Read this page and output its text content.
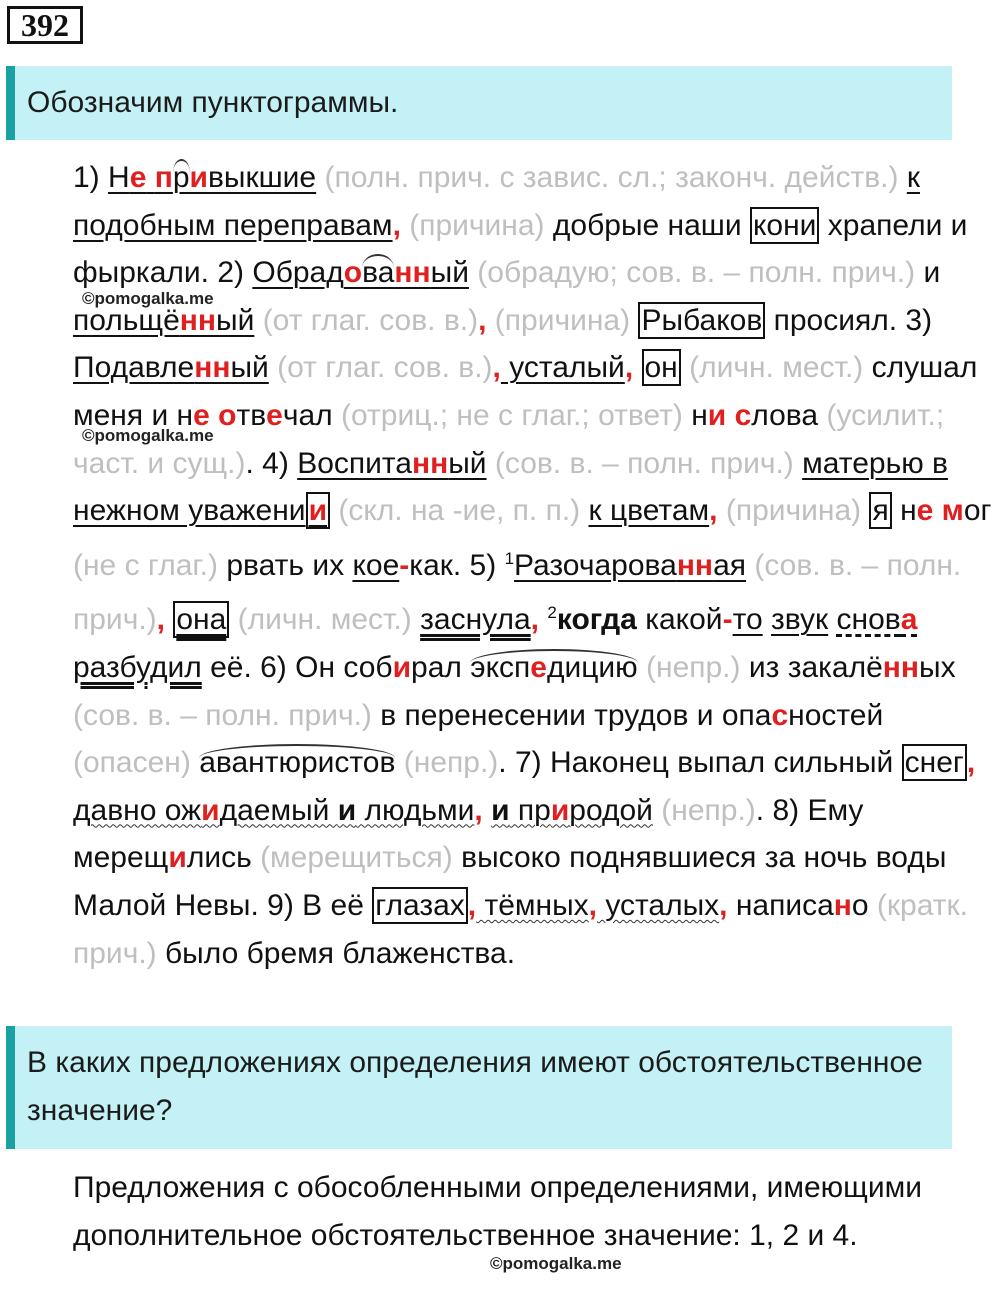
392
Обозначим пунктограммы.
1) Не привыкшие (полн. прич. с завис. сл.; законч. действ.) к подобным переправам, (причина) добрые наши кони храпели и фыркали. 2) Обрадованный (обрадую; сов. в. – полн. прич.) и польщённый (от глаг. сов. в.), (причина) Рыбаков просиял. 3) Подавленный (от глаг. сов. в.), усталый, он (личн. мест.) слушал меня и не отвечал (отриц.; не с глаг.; ответ) ни слова (усилит.; част. и сущ.). 4) Воспитанный (сов. в. – полн. прич.) матерью в нежном уважени и (скл. на -ие, п. п.) к цветам, (причина) я не мог (не с глаг.) рвать их кое-как. 5) $^1$Разочарованная (сов. в. – полн. прич.), она (личн. мест.) заснула, $^2$когда какой-то звук снова разбудил её. 6) Он собирал экспедицию (непр.) из закалённых (сов. в. – полн. прич.) в перенесении трудов и опасностей (опасен) авантюристов (непр.). 7) Наконец выпал сильный снег , давно ожидаемый и людьми, и природой (непр.). 8) Ему мерещились (мерещиться) высоко поднявшиеся за ночь воды Малой Невы. 9) В её глазах , тёмных, усталых, написано (кратк. прич.) было бремя блаженства.
В каких предложениях определения имеют обстоятельственное значение?
Предложения с обособленными определениями, имеющими дополнительное обстоятельственное значение: 1, 2 и 4.
©pomogalka.me
©pomogalka.me
©pomogalka.me
